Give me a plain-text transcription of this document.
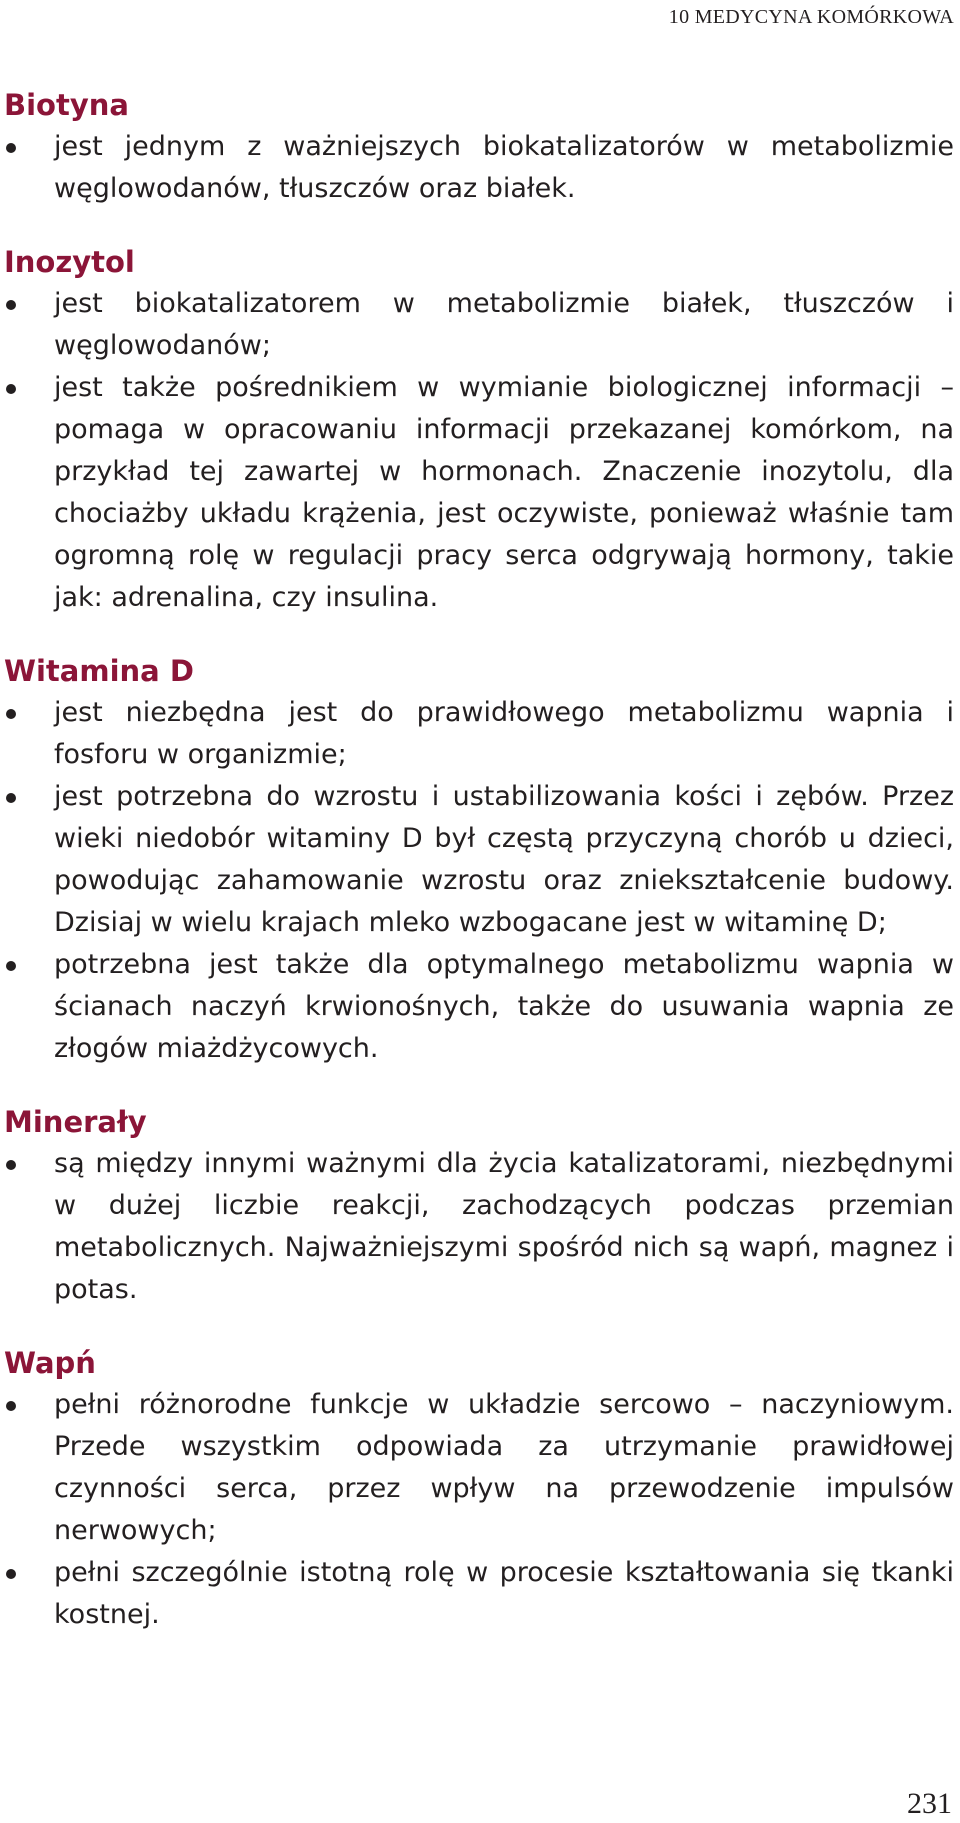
10 MEDYCYNA KOMÓRKOWA
Biotyna
jest jednym z ważniejszych biokatalizatorów w metabolizmie węglowodanów, tłuszczów oraz białek.
Inozytol
jest biokatalizatorem w metabolizmie białek, tłuszczów i węglowodanów;
jest także pośrednikiem w wymianie biologicznej informacji – pomaga w opracowaniu informacji przekazanej komórkom, na przykład tej zawartej w hormonach. Znaczenie inozytolu, dla chociażby układu krążenia, jest oczywiste, ponieważ właśnie tam ogromną rolę w regulacji pracy serca odgrywają hormony, takie jak: adrenalina, czy insulina.
Witamina D
jest niezbędna jest do prawidłowego metabolizmu wapnia i fosforu w organizmie;
jest potrzebna do wzrostu i ustabilizowania kości i zębów. Przez wieki niedobór witaminy D był częstą przyczyną chorób u dzieci, powodując zahamowanie wzrostu oraz zniekształcenie budowy. Dzisiaj w wielu krajach mleko wzbogacane jest w witaminę D;
potrzebna jest także dla optymalnego metabolizmu wapnia w ścianach naczyń krwionośnych, także do usuwania wapnia ze złogów miażdżycowych.
Minerały
są między innymi ważnymi dla życia katalizatorami, niezbędnymi w dużej liczbie reakcji, zachodzących podczas przemian metabolicznych. Najważniejszymi spośród nich są wapń, magnez i potas.
Wapń
pełni różnorodne funkcje w układzie sercowo – naczyniowym. Przede wszystkim odpowiada za utrzymanie prawidłowej czynności serca, przez wpływ na przewodzenie impulsów nerwowych;
pełni szczególnie istotną rolę w procesie kształtowania się tkanki kostnej.
231
